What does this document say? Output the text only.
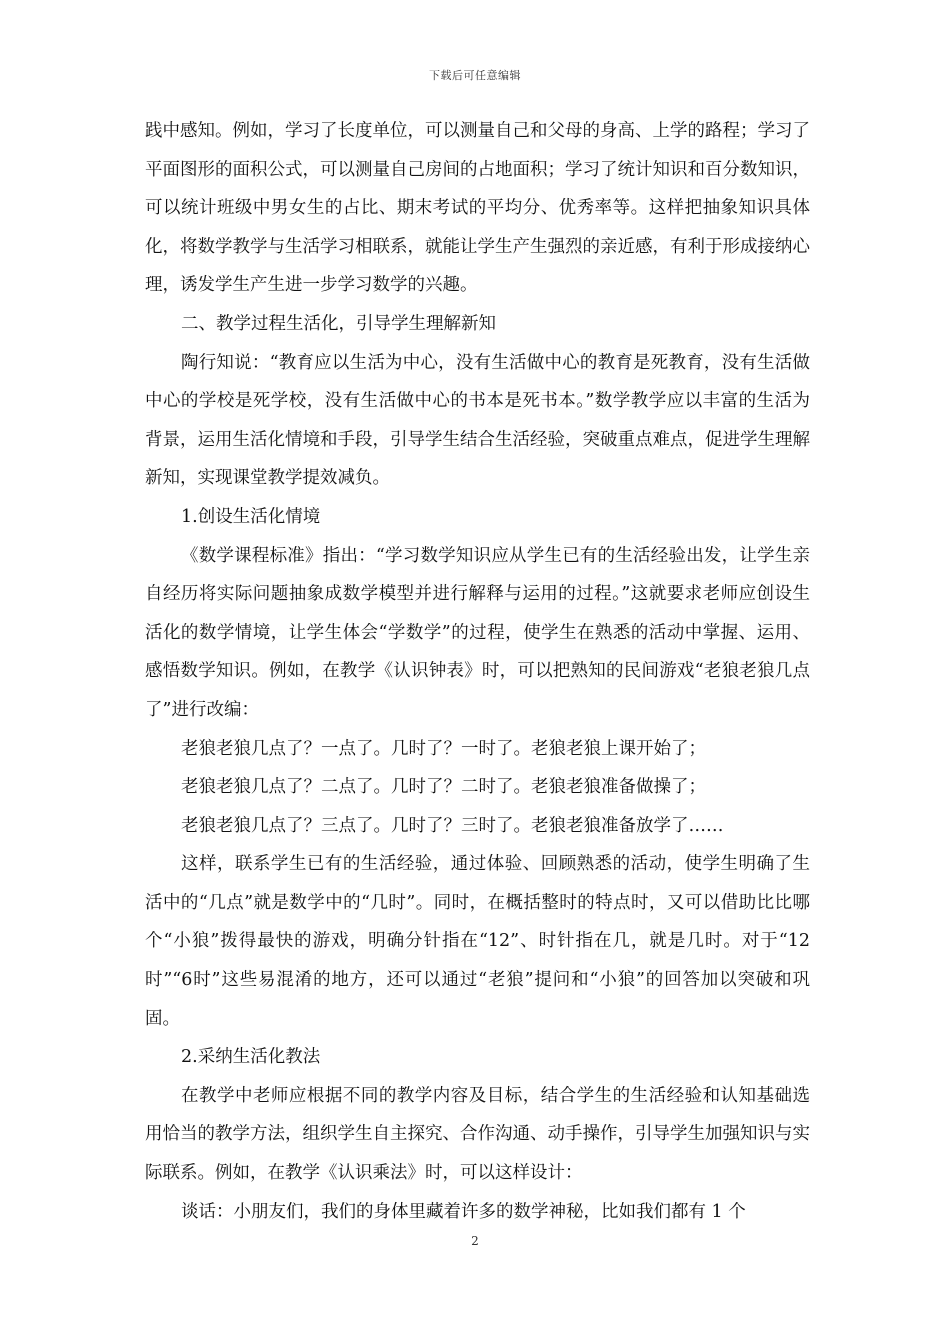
下载后可任意编辑

践中感知。例如，学习了长度单位，可以测量自己和父母的身高、上学的路程；学习了平面图形的面积公式，可以测量自己房间的占地面积；学习了统计知识和百分数知识，可以统计班级中男女生的占比、期末考试的平均分、优秀率等。这样把抽象知识具体化，将数学教学与生活学习相联系，就能让学生产生强烈的亲近感，有利于形成接纳心理，诱发学生产生进一步学习数学的兴趣。

二、教学过程生活化，引导学生理解新知

陶行知说：“教育应以生活为中心，没有生活做中心的教育是死教育，没有生活做中心的学校是死学校，没有生活做中心的书本是死书本。”数学教学应以丰富的生活为背景，运用生活化情境和手段，引导学生结合生活经验，突破重点难点，促进学生理解新知，实现课堂教学提效减负。

1.创设生活化情境

《数学课程标准》指出：“学习数学知识应从学生已有的生活经验出发，让学生亲自经历将实际问题抽象成数学模型并进行解释与运用的过程。”这就要求老师应创设生活化的数学情境，让学生体会“学数学”的过程，使学生在熟悉的活动中掌握、运用、感悟数学知识。例如，在教学《认识钟表》时，可以把熟知的民间游戏“老狼老狼几点了”进行改编：

老狼老狼几点了？一点了。几时了？一时了。老狼老狼上课开始了；

老狼老狼几点了？二点了。几时了？二时了。老狼老狼准备做操了；

老狼老狼几点了？三点了。几时了？三时了。老狼老狼准备放学了……

这样，联系学生已有的生活经验，通过体验、回顾熟悉的活动，使学生明确了生活中的“几点”就是数学中的“几时”。同时，在概括整时的特点时，又可以借助比比哪个“小狼”拨得最快的游戏，明确分针指在“12”、时针指在几，就是几时。对于“12时”“6时”这些易混淆的地方，还可以通过“老狼”提问和“小狼”的回答加以突破和巩固。

2.采纳生活化教法

在教学中老师应根据不同的教学内容及目标，结合学生的生活经验和认知基础选用恰当的教学方法，组织学生自主探究、合作沟通、动手操作，引导学生加强知识与实际联系。例如，在教学《认识乘法》时，可以这样设计：

谈话：小朋友们，我们的身体里藏着许多的数学神秘，比如我们都有 1 个

2
